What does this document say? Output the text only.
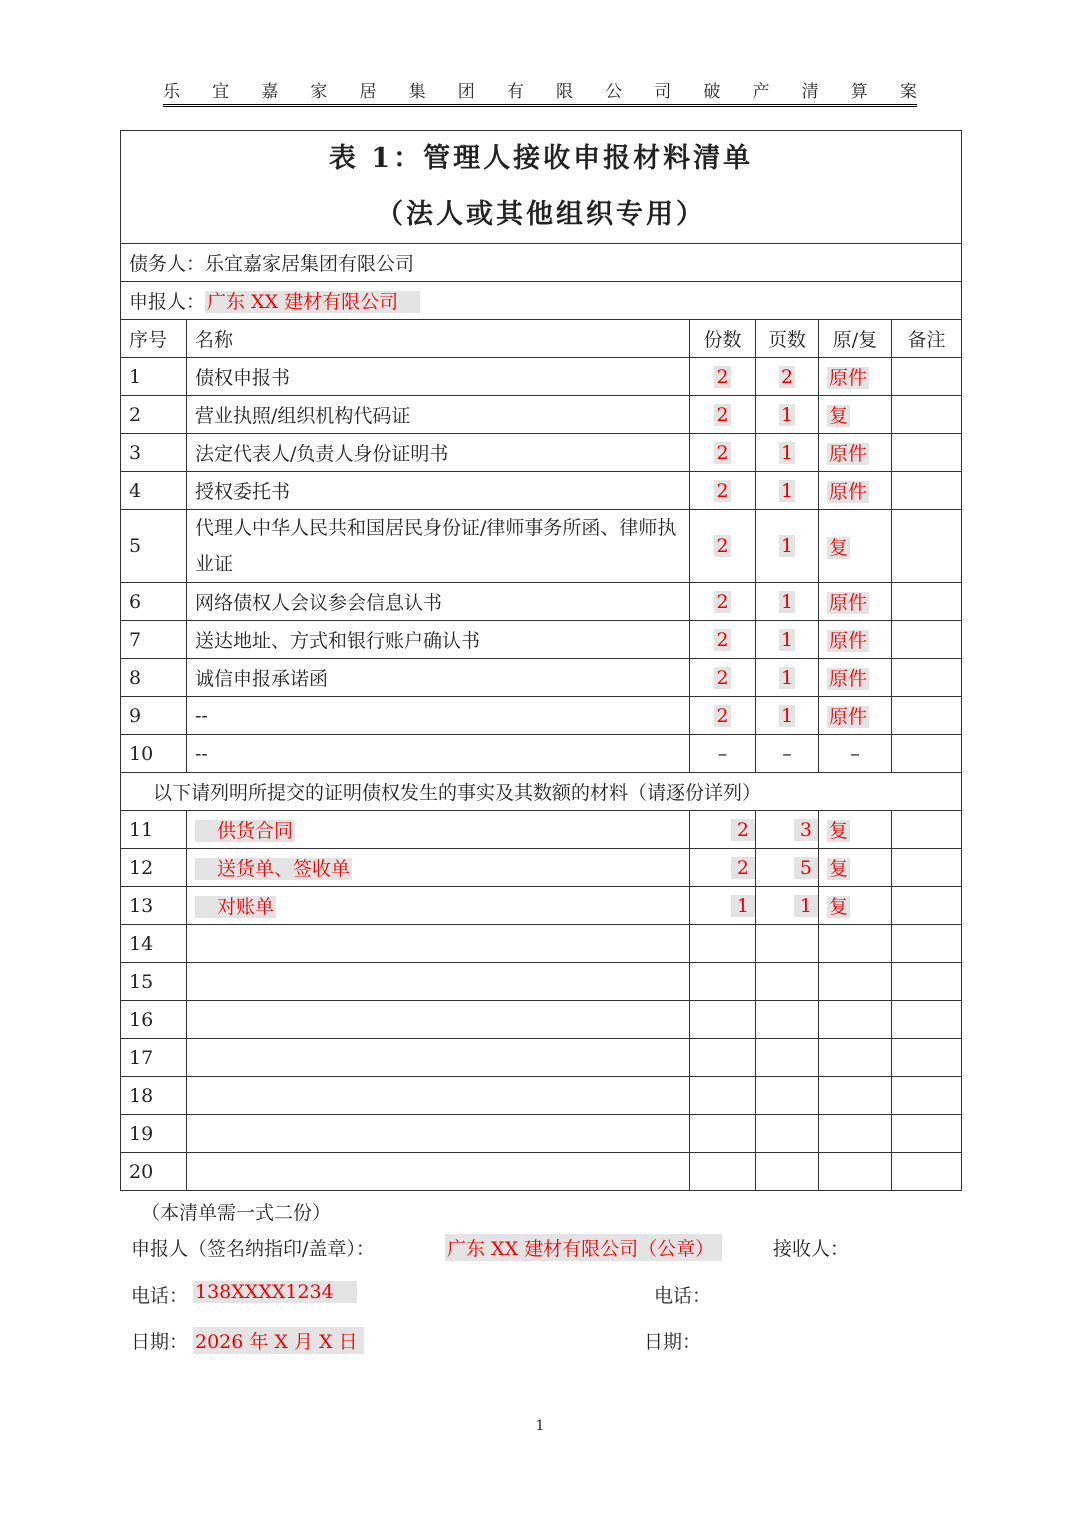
乐 宜 嘉 家 居 集 团 有 限 公 司 破 产 清 算 案
表 1：管理人接收申报材料清单
（法人或其他组织专用）					

债务人：乐宜嘉家居集团有限公司					
申报人： 广东 XX 建材有限公司					
序号	名称	份数	页数	原/复	备注
1	债权申报书	2	2	原件	
2	营业执照/组织机构代码证	2	1	复	
3	法定代表人/负责人身份证明书	2	1	原件	
4	授权委托书	2	1	原件	
5	代理人中华人民共和国居民身份证/律师事务所函、律师执业证	2	1	复	
6	网络债权人会议参会信息认书	2	1	原件	
7	送达地址、方式和银行账户确认书	2	1	原件	
8	诚信申报承诺函	2	1	原件	
9	--	2	1	原件	
10	--	–	–	–	
以下请列明所提交的证明债权发生的事实及其数额的材料（请逐份详列）					
11	供货合同	2	3	复	
12	送货单、签收单	2	5	复	
13	对账单	1	1	复	
14					
15					
16					
17					
18					
19					
20					
（本清单需一式二份）
申报人（签名纳指印/盖章）：	广东 XX 建材有限公司（公章）	接收人：
电话： 138XXXX1234	电话：
日期： 2026 年 X 月 X 日	日期：
1
